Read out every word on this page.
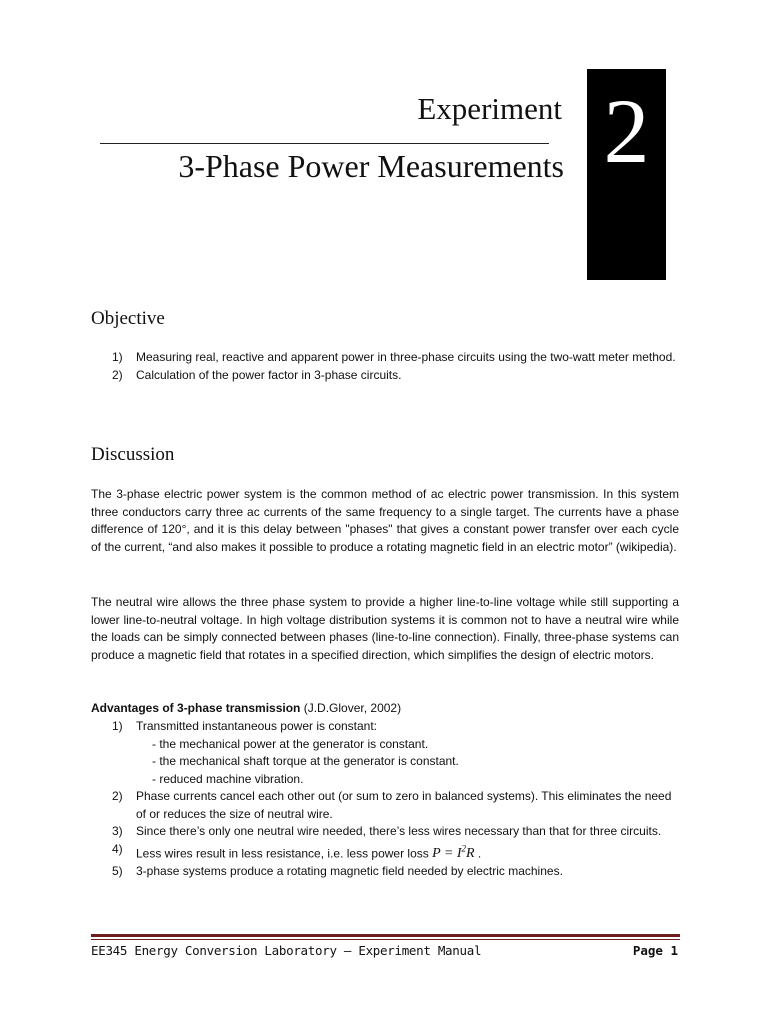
2
Experiment
3-Phase Power Measurements
Objective
1)	Measuring real, reactive and apparent power in three-phase circuits using the two-watt meter method.
2)	Calculation of the power factor in 3-phase circuits.
Discussion
The 3-phase electric power system is the common method of ac electric power transmission. In this system three conductors carry three ac currents of the same frequency to a single target. The currents have a phase difference of 120°, and it is this delay between "phases" that gives a constant power transfer over each cycle of the current, “and also makes it possible to produce a rotating magnetic field in an electric motor” (wikipedia).
The neutral wire allows the three phase system to provide a higher line-to-line voltage while still supporting a lower line-to-neutral voltage. In high voltage distribution systems it is common not to have a neutral wire while the loads can be simply connected between phases (line-to-line connection). Finally, three-phase systems can produce a magnetic field that rotates in a specified direction, which simplifies the design of electric motors.
Advantages of 3-phase transmission (J.D.Glover, 2002)
1)	Transmitted instantaneous power is constant:
- the mechanical power at the generator is constant.
- the mechanical shaft torque at the generator is constant.
- reduced machine vibration.
2)	Phase currents cancel each other out (or sum to zero in balanced systems). This eliminates the need of or reduces the size of neutral wire.
3)	Since there’s only one neutral wire needed, there’s less wires necessary than that for three circuits.
4)	Less wires result in less resistance, i.e. less power loss $P = I^2R$ .
5)	3-phase systems produce a rotating magnetic field needed by electric machines.
EE345 Energy Conversion Laboratory – Experiment Manual	Page 1
